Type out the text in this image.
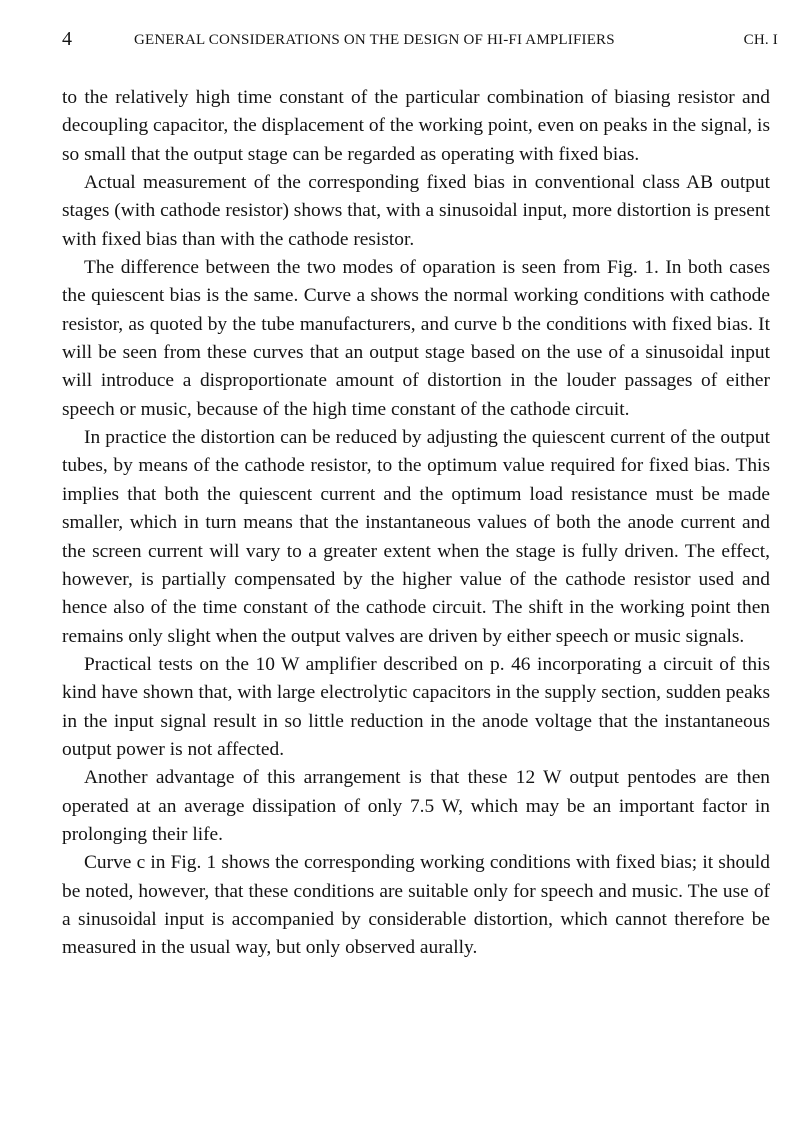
4	GENERAL CONSIDERATIONS ON THE DESIGN OF HI-FI AMPLIFIERS	CH. I

to the relatively high time constant of the particular combination of biasing resistor and decoupling capacitor, the displacement of the working point, even on peaks in the signal, is so small that the output stage can be regarded as operating with fixed bias.

Actual measurement of the corresponding fixed bias in conventional class AB output stages (with cathode resistor) shows that, with a sinusoidal input, more distortion is present with fixed bias than with the cathode resistor.

The difference between the two modes of oparation is seen from Fig. 1. In both cases the quiescent bias is the same. Curve a shows the normal working conditions with cathode resistor, as quoted by the tube manufacturers, and curve b the conditions with fixed bias. It will be seen from these curves that an output stage based on the use of a sinusoidal input will introduce a disproportionate amount of distortion in the louder passages of either speech or music, because of the high time constant of the cathode circuit.

In practice the distortion can be reduced by adjusting the quiescent current of the output tubes, by means of the cathode resistor, to the optimum value required for fixed bias. This implies that both the quiescent current and the optimum load resistance must be made smaller, which in turn means that the instantaneous values of both the anode current and the screen current will vary to a greater extent when the stage is fully driven. The effect, however, is partially compensated by the higher value of the cathode resistor used and hence also of the time constant of the cathode circuit. The shift in the working point then remains only slight when the output valves are driven by either speech or music signals.

Practical tests on the 10 W amplifier described on p. 46 incorporating a circuit of this kind have shown that, with large electrolytic capacitors in the supply section, sudden peaks in the input signal result in so little reduction in the anode voltage that the instantaneous output power is not affected.

Another advantage of this arrangement is that these 12 W output pentodes are then operated at an average dissipation of only 7.5 W, which may be an important factor in prolonging their life.

Curve c in Fig. 1 shows the corresponding working conditions with fixed bias; it should be noted, however, that these conditions are suitable only for speech and music. The use of a sinusoidal input is accompanied by considerable distortion, which cannot therefore be measured in the usual way, but only observed aurally.
